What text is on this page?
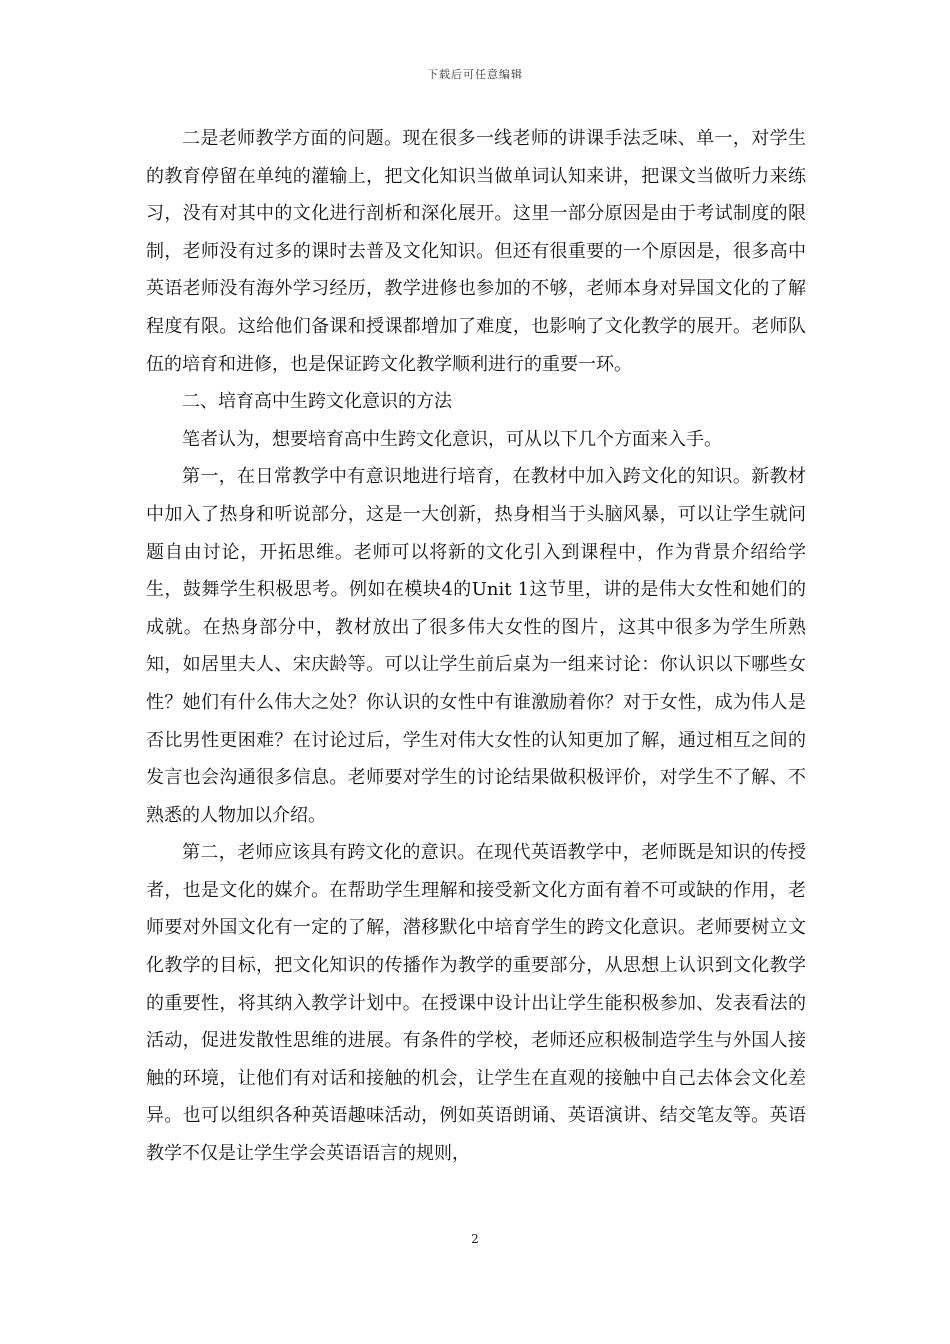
下载后可任意编辑

二是老师教学方面的问题。现在很多一线老师的讲课手法乏味、单一，对学生的教育停留在单纯的灌输上，把文化知识当做单词认知来讲，把课文当做听力来练习，没有对其中的文化进行剖析和深化展开。这里一部分原因是由于考试制度的限制，老师没有过多的课时去普及文化知识。但还有很重要的一个原因是，很多高中英语老师没有海外学习经历，教学进修也参加的不够，老师本身对异国文化的了解程度有限。这给他们备课和授课都增加了难度，也影响了文化教学的展开。老师队伍的培育和进修，也是保证跨文化教学顺利进行的重要一环。

二、培育高中生跨文化意识的方法

笔者认为，想要培育高中生跨文化意识，可从以下几个方面来入手。

第一，在日常教学中有意识地进行培育，在教材中加入跨文化的知识。新教材中加入了热身和听说部分，这是一大创新，热身相当于头脑风暴，可以让学生就问题自由讨论，开拓思维。老师可以将新的文化引入到课程中，作为背景介绍给学生，鼓舞学生积极思考。例如在模块4的Unit 1这节里，讲的是伟大女性和她们的成就。在热身部分中，教材放出了很多伟大女性的图片，这其中很多为学生所熟知，如居里夫人、宋庆龄等。可以让学生前后桌为一组来讨论：你认识以下哪些女性？她们有什么伟大之处？你认识的女性中有谁激励着你？对于女性，成为伟人是否比男性更困难？在讨论过后，学生对伟大女性的认知更加了解，通过相互之间的发言也会沟通很多信息。老师要对学生的讨论结果做积极评价，对学生不了解、不熟悉的人物加以介绍。

第二，老师应该具有跨文化的意识。在现代英语教学中，老师既是知识的传授者，也是文化的媒介。在帮助学生理解和接受新文化方面有着不可或缺的作用，老师要对外国文化有一定的了解，潜移默化中培育学生的跨文化意识。老师要树立文化教学的目标，把文化知识的传播作为教学的重要部分，从思想上认识到文化教学的重要性，将其纳入教学计划中。在授课中设计出让学生能积极参加、发表看法的活动，促进发散性思维的进展。有条件的学校，老师还应积极制造学生与外国人接触的环境，让他们有对话和接触的机会，让学生在直观的接触中自己去体会文化差异。也可以组织各种英语趣味活动，例如英语朗诵、英语演讲、结交笔友等。英语教学不仅是让学生学会英语语言的规则，

2
